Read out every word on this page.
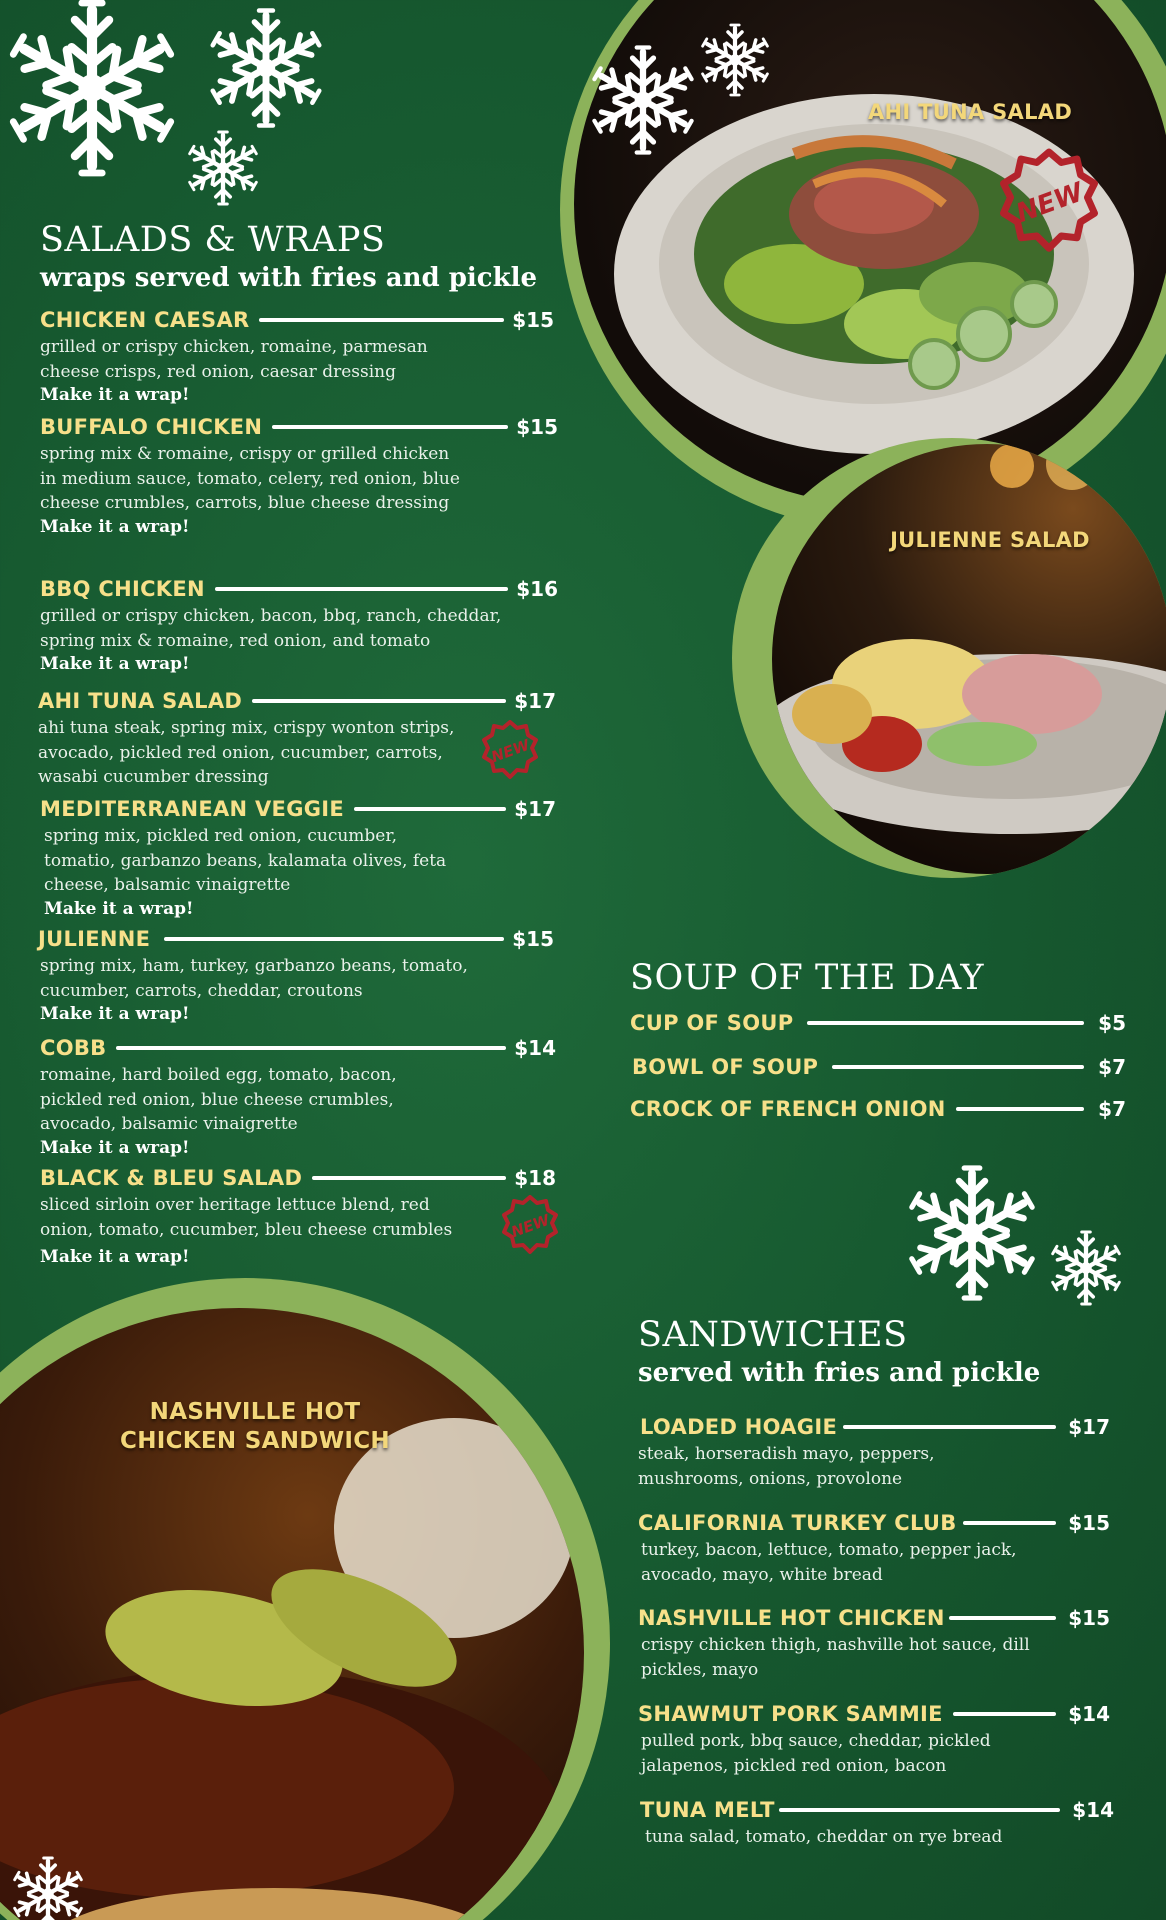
AHI TUNA SALAD
JULIENNE SALAD
NASHVILLE HOT
CHICKEN SANDWICH
SALADS & WRAPS
wraps served with fries and pickle
CHICKEN CAESAR	$15
grilled or crispy chicken, romaine, parmesan cheese crisps, red onion, caesar dressing
Make it a wrap!
BUFFALO CHICKEN	$15
spring mix & romaine, crispy or grilled chicken in medium sauce, tomato, celery, red onion, blue cheese crumbles, carrots, blue cheese dressing
Make it a wrap!
BBQ CHICKEN	$16
grilled or crispy chicken, bacon, bbq, ranch, cheddar, spring mix & romaine, red onion, and tomato
Make it a wrap!
AHI TUNA SALAD	$17
ahi tuna steak, spring mix, crispy wonton strips, avocado, pickled red onion, cucumber, carrots, wasabi cucumber dressing
MEDITERRANEAN VEGGIE	$17
spring mix, pickled red onion, cucumber, tomatio, garbanzo beans, kalamata olives, feta cheese, balsamic vinaigrette
Make it a wrap!
JULIENNE	$15
spring mix, ham, turkey, garbanzo beans, tomato, cucumber, carrots, cheddar, croutons
Make it a wrap!
COBB	$14
romaine, hard boiled egg, tomato, bacon, pickled red onion, blue cheese crumbles, avocado, balsamic vinaigrette
Make it a wrap!
BLACK & BLEU SALAD	$18
sliced sirloin over heritage lettuce blend, red onion, tomato, cucumber, bleu cheese crumbles
Make it a wrap!
SOUP OF THE DAY
CUP OF SOUP	$5
BOWL OF SOUP	$7
CROCK OF FRENCH ONION	$7
SANDWICHES
served with fries and pickle
LOADED HOAGIE	$17
steak, horseradish mayo, peppers, mushrooms, onions, provolone
CALIFORNIA TURKEY CLUB	$15
turkey, bacon, lettuce, tomato, pepper jack, avocado, mayo, white bread
NASHVILLE HOT CHICKEN	$15
crispy chicken thigh, nashville hot sauce, dill pickles, mayo
SHAWMUT PORK SAMMIE	$14
pulled pork, bbq sauce, cheddar, pickled jalapenos, pickled red onion, bacon
TUNA MELT	$14
tuna salad, tomato, cheddar on rye bread
